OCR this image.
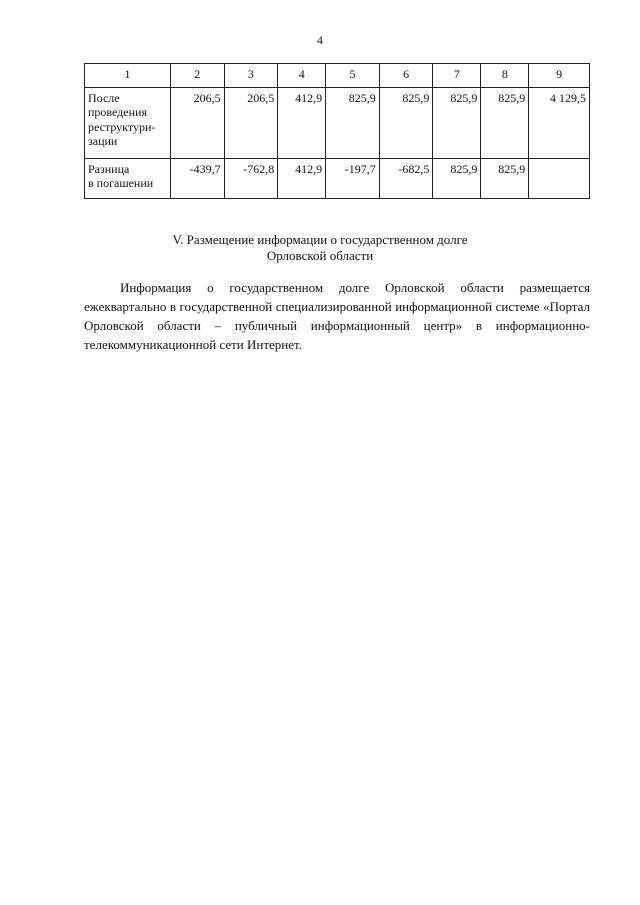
4
1	2	3	4	5	6	7	8	9

После
проведения
реструктури-
зации	206,5	206,5	412,9	825,9	825,9	825,9	825,9	4 129,5

Разница
в погашении	-439,7	-762,8	412,9	-197,7	-682,5	825,9	825,9	
V. Размещение информации о государственном долге
Орловской области
Информация о государственном долге Орловской области размещается ежеквартально в государственной специализированной информационной системе «Портал Орловской области – публичный информационный центр» в информационно-телекоммуникационной сети Интернет.
